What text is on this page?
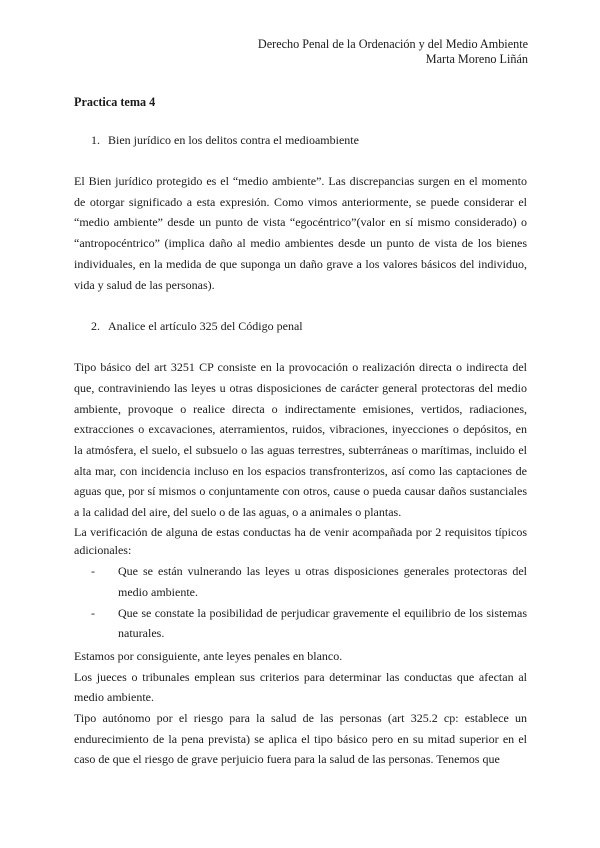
Derecho Penal de la Ordenación y del Medio Ambiente
Marta Moreno Liñán

Practica tema 4

1. Bien jurídico en los delitos contra el medioambiente

El Bien jurídico protegido es el “medio ambiente”. Las discrepancias surgen en el momento de otorgar significado a esta expresión. Como vimos anteriormente, se puede considerar el “medio ambiente” desde un punto de vista “egocéntrico”(valor en sí mismo considerado) o “antropocéntrico” (implica daño al medio ambientes desde un punto de vista de los bienes individuales, en la medida de que suponga un daño grave a los valores básicos del individuo, vida y salud de las personas).

2. Analice el artículo 325 del Código penal

Tipo básico del art 3251 CP consiste en la provocación o realización directa o indirecta del que, contraviniendo las leyes u otras disposiciones de carácter general protectoras del medio ambiente, provoque o realice directa o indirectamente emisiones, vertidos, radiaciones, extracciones o excavaciones, aterramientos, ruidos, vibraciones, inyecciones o depósitos, en la atmósfera, el suelo, el subsuelo o las aguas terrestres, subterráneas o marítimas, incluido el alta mar, con incidencia incluso en los espacios transfronterizos, así como las captaciones de aguas que, por sí mismos o conjuntamente con otros, cause o pueda causar daños sustanciales a la calidad del aire, del suelo o de las aguas, o a animales o plantas.

La verificación de alguna de estas conductas ha de venir acompañada por 2 requisitos típicos adicionales:

-	Que se están vulnerando las leyes u otras disposiciones generales protectoras del medio ambiente.
-	Que se constate la posibilidad de perjudicar gravemente el equilibrio de los sistemas naturales.

Estamos por consiguiente, ante leyes penales en blanco.

Los jueces o tribunales emplean sus criterios para determinar las conductas que afectan al medio ambiente.

Tipo autónomo por el riesgo para la salud de las personas (art 325.2 cp: establece un endurecimiento de la pena prevista) se aplica el tipo básico pero en su mitad superior en el caso de que el riesgo de grave perjuicio fuera para la salud de las personas. Tenemos que
